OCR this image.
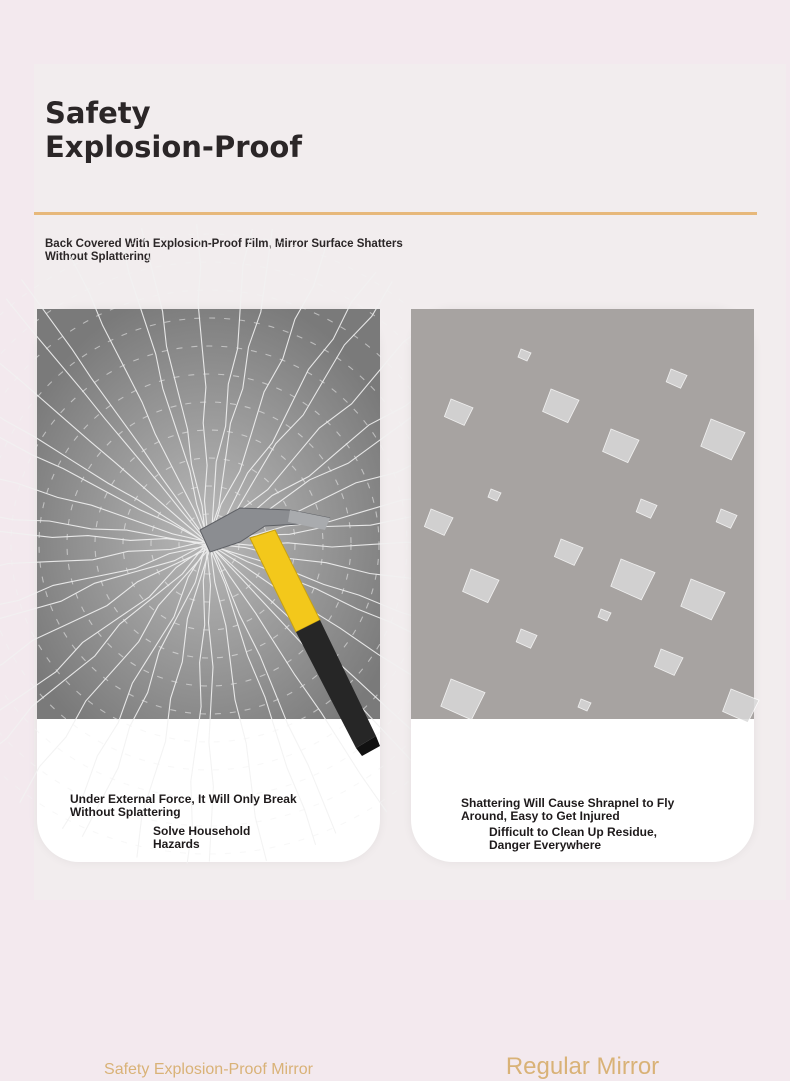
Safety
Explosion-Proof

Back Covered With Explosion-Proof Film, Mirror Surface Shatters Without Splattering

Safety Explosion-Proof Mirror
Under External Force, It Will Only Break Without Splattering
Solve Household Hazards
Regular Mirror
Shattering Will Cause Shrapnel to Fly Around, Easy to Get Injured
Difficult to Clean Up Residue, Danger Everywhere
